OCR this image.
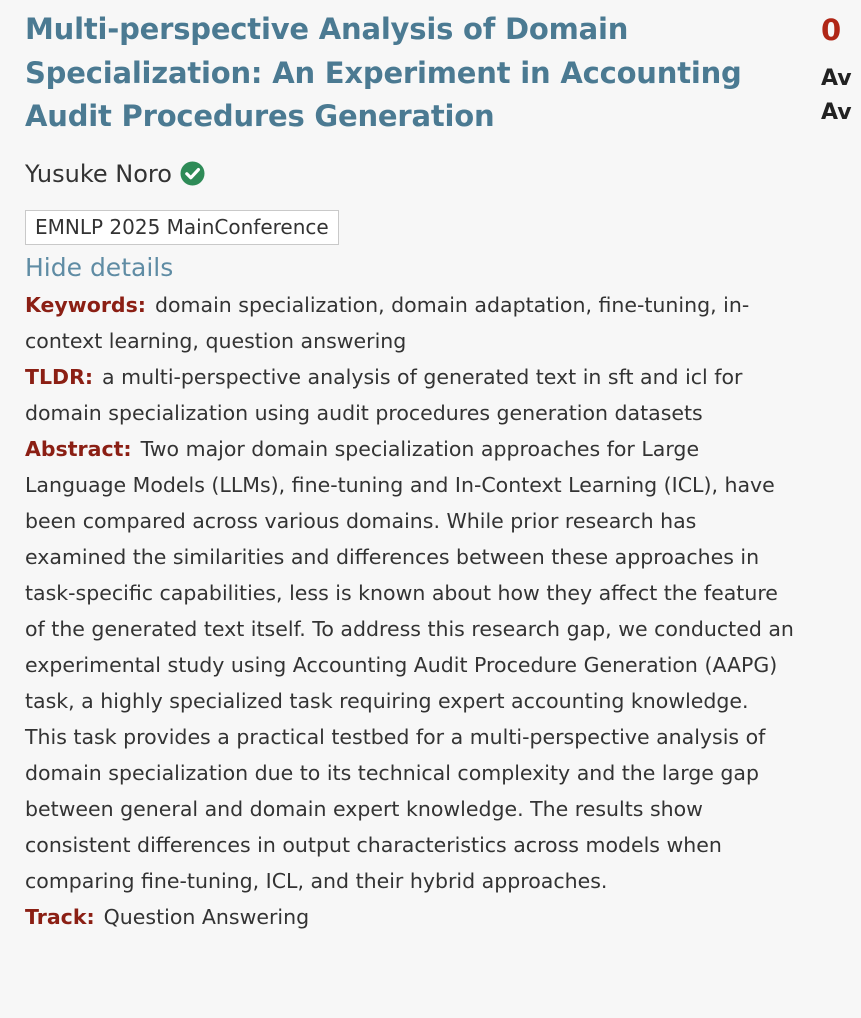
Multi-perspective Analysis of Domain Specialization: An Experiment in Accounting Audit Procedures Generation
Yusuke Noro
EMNLP 2025 MainConference
Hide details

Keywords: domain specialization, domain adaptation, fine-tuning, in-context learning, question answering

TLDR: a multi-perspective analysis of generated text in sft and icl for domain specialization using audit procedures generation datasets

Abstract: Two major domain specialization approaches for Large Language Models (LLMs), fine-tuning and In-Context Learning (ICL), have been compared across various domains. While prior research has examined the similarities and differences between these approaches in task-specific capabilities, less is known about how they affect the feature of the generated text itself. To address this research gap, we conducted an experimental study using Accounting Audit Procedure Generation (AAPG) task, a highly specialized task requiring expert accounting knowledge. This task provides a practical testbed for a multi-perspective analysis of domain specialization due to its technical complexity and the large gap between general and domain expert knowledge. The results show consistent differences in output characteristics across models when comparing fine-tuning, ICL, and their hybrid approaches.

Track: Question Answering

0
Av
Av
